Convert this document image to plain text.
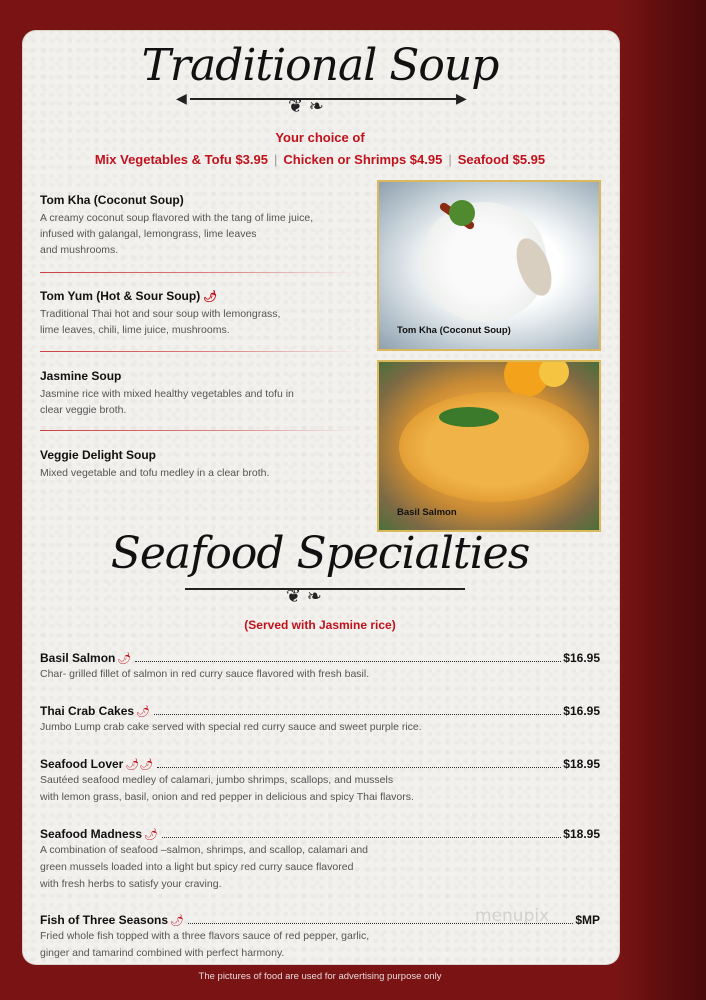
Traditional Soup
◀	▶
❦ ❧
Your choice of
Mix Vegetables & Tofu $3.95 | Chicken or Shrimps $4.95 | Seafood $5.95
Tom Kha (Coconut Soup)
A creamy coconut soup flavored with the tang of lime juice,
infused with galangal, lemongrass, lime leaves
and mushrooms.
Tom Yum (Hot & Sour Soup) 🌶
Traditional Thai hot and sour soup with lemongrass,
lime leaves, chili, lime juice, mushrooms.
Jasmine Soup
Jasmine rice with mixed healthy vegetables and tofu in
clear veggie broth.
Veggie Delight Soup
Mixed vegetable and tofu medley in a clear broth.
Tom Kha (Coconut Soup)
Basil Salmon
Seafood Specialties
❦ ❧
(Served with Jasmine rice)
Basil Salmon 🌶	$16.95
Char- grilled fillet of salmon in red curry sauce flavored with fresh basil.
Thai Crab Cakes 🌶	$16.95
Jumbo Lump crab cake served with special red curry sauce and sweet purple rice.
Seafood Lover 🌶 🌶	$18.95
Sautéed seafood medley of calamari, jumbo shrimps, scallops, and mussels
with lemon grass, basil, onion and red pepper in delicious and spicy Thai flavors.
Seafood Madness 🌶	$18.95
A combination of seafood –salmon, shrimps, and scallop, calamari and
green mussels loaded into a light but spicy red curry sauce flavored
with fresh herbs to satisfy your craving.
Fish of Three Seasons 🌶	$MP
Fried whole fish topped with a three flavors sauce of red pepper, garlic,
ginger and tamarind combined with perfect harmony.
menupix
The pictures of food are used for advertising purpose only
